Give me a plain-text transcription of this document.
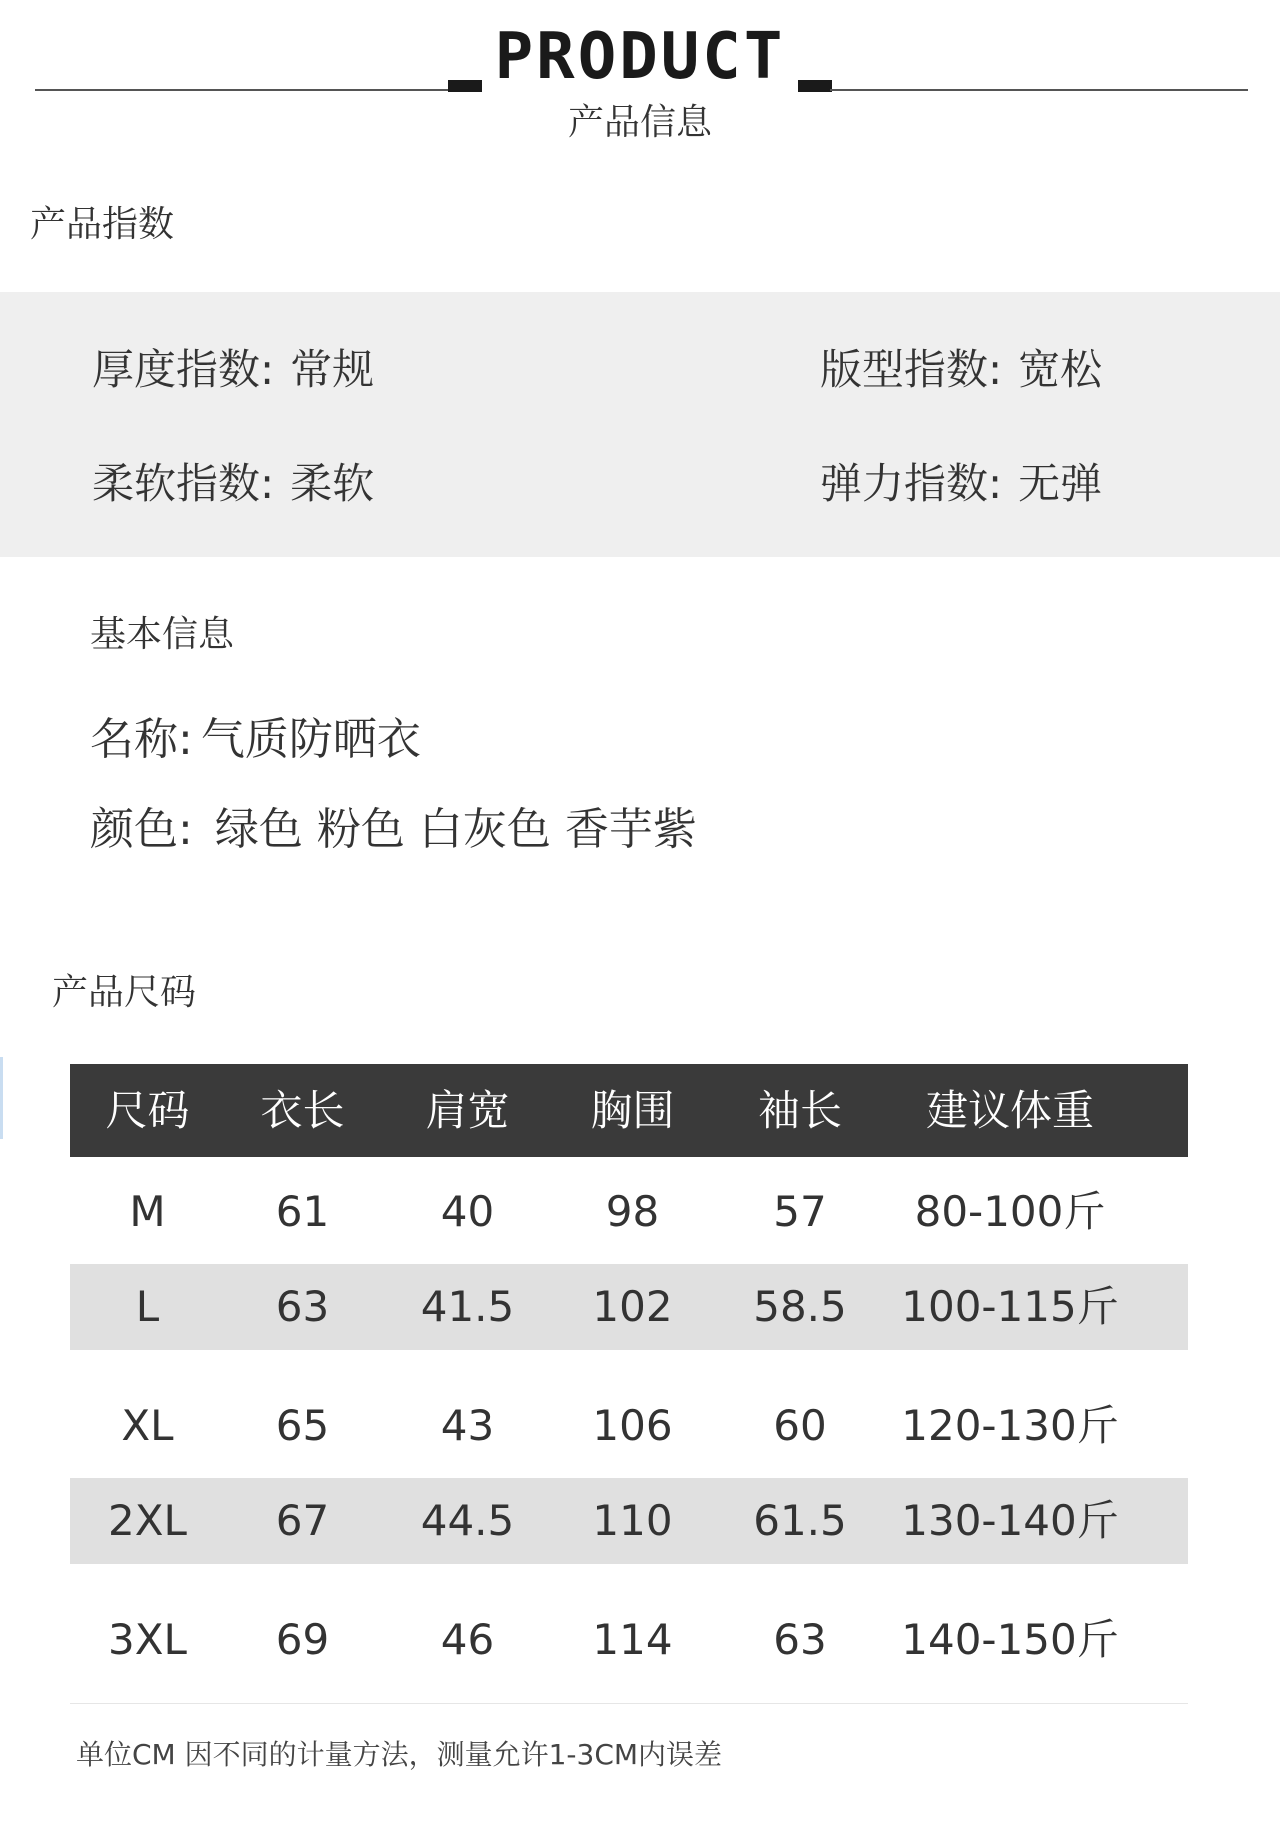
PRODUCT
产品信息
产品指数
厚度指数: 常规	版型指数: 宽松
柔软指数: 柔软	弹力指数: 无弹
基本信息
名称: 气质防晒衣
颜色: 绿色 粉色 白灰色 香芋紫
产品尺码
尺码	衣长	肩宽	胸围	袖长	建议体重
M	61	40	98	57	80-100斤
L	63	41.5	102	58.5	100-115斤
XL	65	43	106	60	120-130斤
2XL	67	44.5	110	61.5	130-140斤
3XL	69	46	114	63	140-150斤
单位CM 因不同的计量方法，测量允许1-3CM内误差
